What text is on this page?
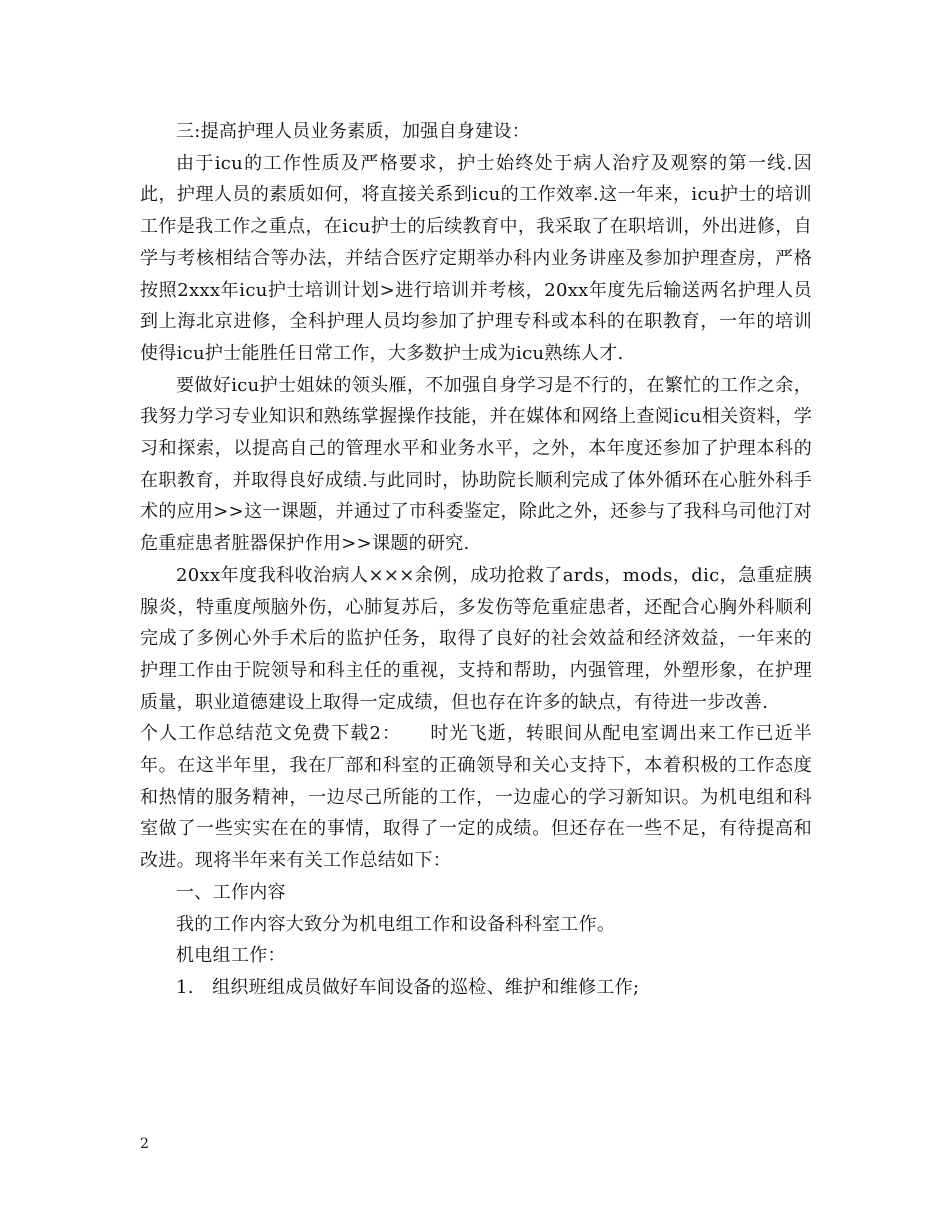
三:提高护理人员业务素质，加强自身建设：

由于icu的工作性质及严格要求，护士始终处于病人治疗及观察的第一线.因此，护理人员的素质如何，将直接关系到icu的工作效率.这一年来，icu护士的培训工作是我工作之重点，在icu护士的后续教育中，我采取了在职培训，外出进修，自学与考核相结合等办法，并结合医疗定期举办科内业务讲座及参加护理查房，严格按照2xxx年icu护士培训计划>进行培训并考核，20xx年度先后输送两名护理人员到上海北京进修，全科护理人员均参加了护理专科或本科的在职教育，一年的培训使得icu护士能胜任日常工作，大多数护士成为icu熟练人才.

要做好icu护士姐妹的领头雁，不加强自身学习是不行的，在繁忙的工作之余，我努力学习专业知识和熟练掌握操作技能，并在媒体和网络上查阅icu相关资料，学习和探索，以提高自己的管理水平和业务水平，之外，本年度还参加了护理本科的在职教育，并取得良好成绩.与此同时，协助院长顺利完成了体外循环在心脏外科手术的应用>>这一课题，并通过了市科委鉴定，除此之外，还参与了我科乌司他汀对危重症患者脏器保护作用>>课题的研究.

20xx年度我科收治病人×××余例，成功抢救了ards，mods，dic，急重症胰腺炎，特重度颅脑外伤，心肺复苏后，多发伤等危重症患者，还配合心胸外科顺利完成了多例心外手术后的监护任务，取得了良好的社会效益和经济效益，一年来的护理工作由于院领导和科主任的重视，支持和帮助，内强管理，外塑形象，在护理质量，职业道德建设上取得一定成绩，但也存在许多的缺点，有待进一步改善.

个人工作总结范文免费下载2：　　时光飞逝，转眼间从配电室调出来工作已近半年。在这半年里，我在厂部和科室的正确领导和关心支持下，本着积极的工作态度和热情的服务精神，一边尽己所能的工作，一边虚心的学习新知识。为机电组和科室做了一些实实在在的事情，取得了一定的成绩。但还存在一些不足，有待提高和改进。现将半年来有关工作总结如下：

一、工作内容

我的工作内容大致分为机电组工作和设备科科室工作。

机电组工作：

1.　组织班组成员做好车间设备的巡检、维护和维修工作;

2
